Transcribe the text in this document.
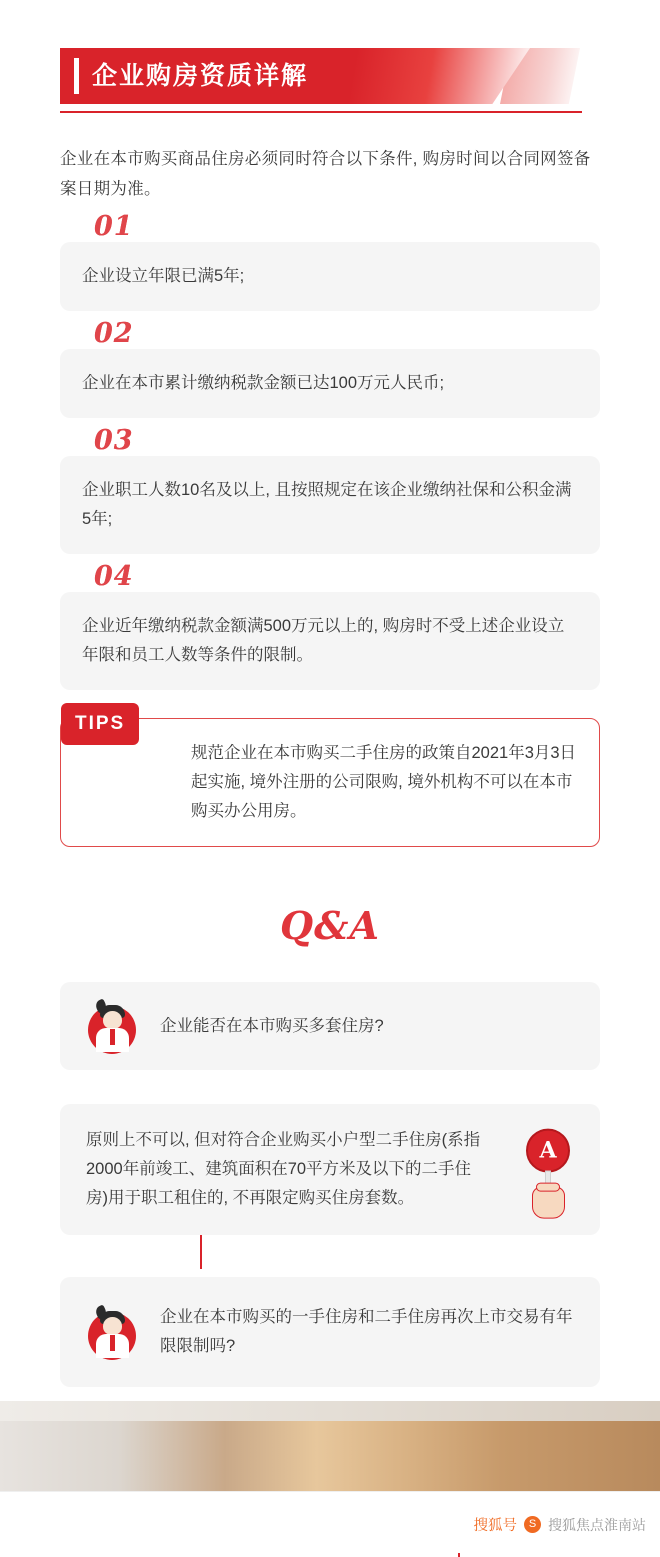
企业购房资质详解

企业在本市购买商品住房必须同时符合以下条件, 购房时间以合同网签备案日期为准。

01
企业设立年限已满5年;
02
企业在本市累计缴纳税款金额已达100万元人民币;
03
企业职工人数10名及以上, 且按照规定在该企业缴纳社保和公积金满5年;
04
企业近年缴纳税款金额满500万元以上的, 购房时不受上述企业设立年限和员工人数等条件的限制。
TIPS
规范企业在本市购买二手住房的政策自2021年3月3日起实施, 境外注册的公司限购, 境外机构不可以在本市购买办公用房。
Q&A
企业能否在本市购买多套住房?
原则上不可以, 但对符合企业购买小户型二手住房(系指2000年前竣工、建筑面积在70平方米及以下的二手住房)用于职工租住的, 不再限定购买住房套数。
A
企业在本市购买的一手住房和二手住房再次上市交易有年限限制吗?
搜狐号	S 搜狐焦点淮南站
